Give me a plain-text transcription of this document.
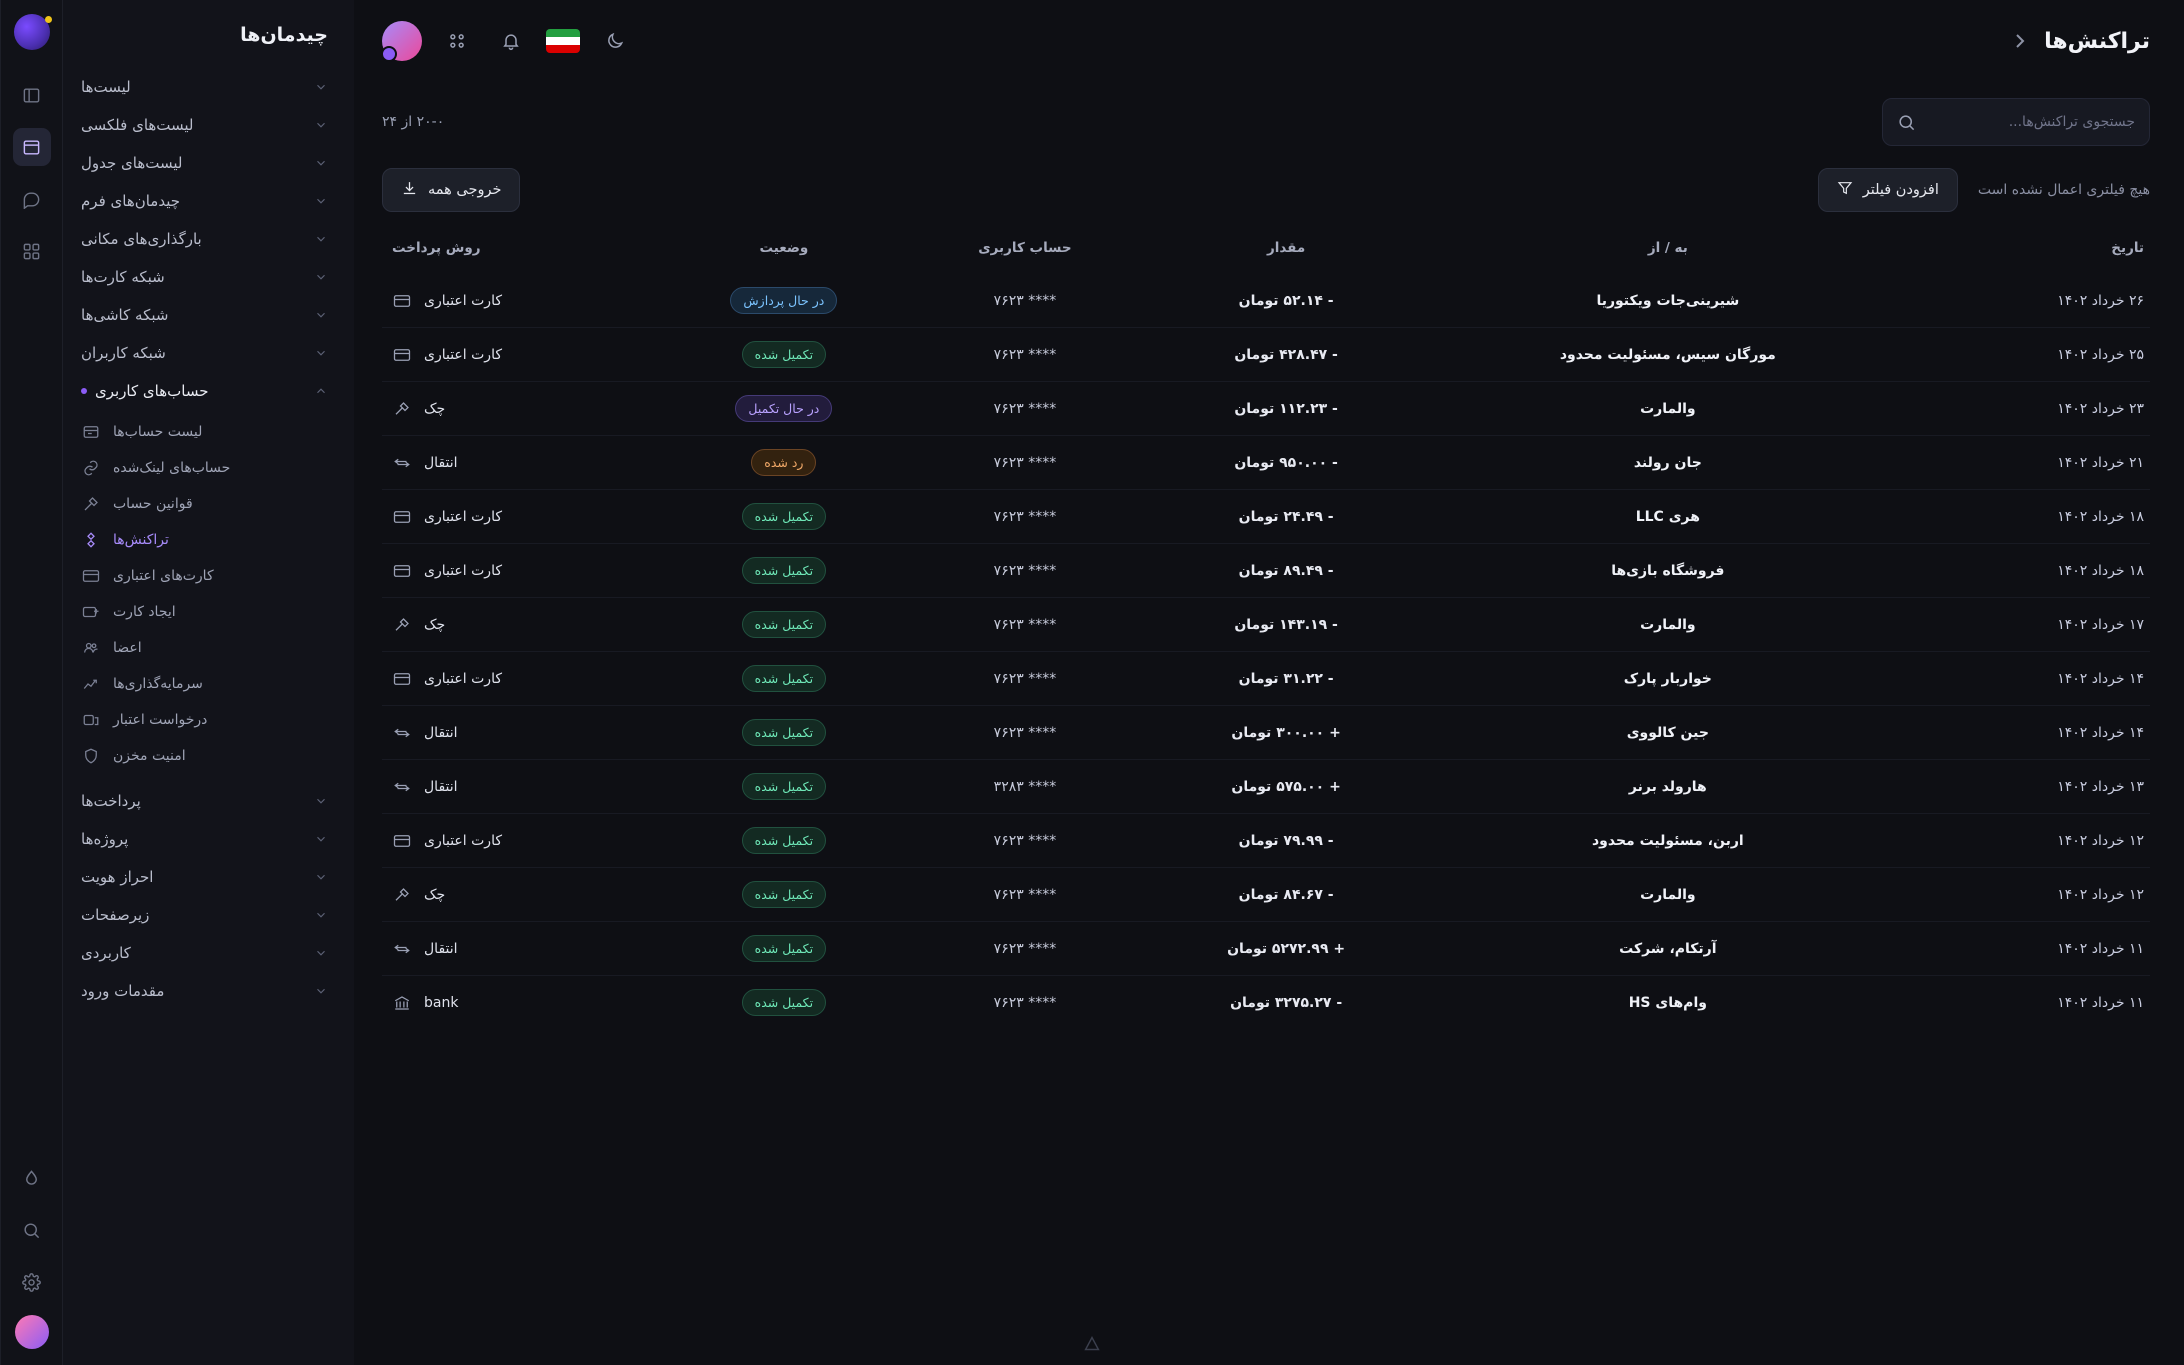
چیدمان‌ها
لیست‌ها
لیست‌های فلکسی
لیست‌های جدول
چیدمان‌های فرم
بارگذاری‌های مکانی
شبکه کارت‌ها
شبکه کاشی‌ها
شبکه کاربران
حساب‌های کاربری
لیست حساب‌ها
حساب‌های لینک‌شده
قوانین حساب
تراکنش‌ها
کارت‌های اعتباری
ایجاد کارت
اعضا
سرمایه‌گذاری‌ها
درخواست اعتبار
امنیت مخزن
پرداخت‌ها
پروژه‌ها
احراز هویت
زیرصفحات
کاربردی
مقدمات ورود
تراکنش‌ها
جستجوی تراکنش‌ها...
۲۰-۰ از ۲۴
افزودن فیلتر	هیچ فیلتری اعمال نشده است
خروجی همه
تاریخ	به / از	مقدار	حساب کاربری	وضعیت	روش پرداخت
۲۶ خرداد ۱۴۰۲	شیرینی‌جات ویکتوریا	- ۵۲.۱۴ تومان	**** ۷۶۲۳	در حال پردازش	کارت اعتباری

۲۵ خرداد ۱۴۰۲	مورگان سیس، مسئولیت محدود	- ۴۲۸.۴۷ تومان	**** ۷۶۲۳	تکمیل شده	کارت اعتباری

۲۳ خرداد ۱۴۰۲	والمارت	- ۱۱۲.۲۳ تومان	**** ۷۶۲۳	در حال تکمیل	چک

۲۱ خرداد ۱۴۰۲	جان رولند	- ۹۵۰.۰۰ تومان	**** ۷۶۲۳	رد شده	انتقال

۱۸ خرداد ۱۴۰۲	هری LLC	- ۲۴.۴۹ تومان	**** ۷۶۲۳	تکمیل شده	کارت اعتباری

۱۸ خرداد ۱۴۰۲	فروشگاه بازی‌ها	- ۸۹.۴۹ تومان	**** ۷۶۲۳	تکمیل شده	کارت اعتباری

۱۷ خرداد ۱۴۰۲	والمارت	- ۱۴۳.۱۹ تومان	**** ۷۶۲۳	تکمیل شده	چک

۱۴ خرداد ۱۴۰۲	خواربار پارک	- ۳۱.۲۲ تومان	**** ۷۶۲۳	تکمیل شده	کارت اعتباری

۱۴ خرداد ۱۴۰۲	جین کالووی	+ ۳۰۰.۰۰ تومان	**** ۷۶۲۳	تکمیل شده	انتقال

۱۳ خرداد ۱۴۰۲	هارولد برنر	+ ۵۷۵.۰۰ تومان	**** ۳۲۸۳	تکمیل شده	انتقال

۱۲ خرداد ۱۴۰۲	اربن، مسئولیت محدود	- ۷۹.۹۹ تومان	**** ۷۶۲۳	تکمیل شده	کارت اعتباری

۱۲ خرداد ۱۴۰۲	والمارت	- ۸۴.۶۷ تومان	**** ۷۶۲۳	تکمیل شده	چک

۱۱ خرداد ۱۴۰۲	آرتکام، شرکت	+ ۵۲۷۲.۹۹ تومان	**** ۷۶۲۳	تکمیل شده	انتقال

۱۱ خرداد ۱۴۰۲	وام‌های HS	- ۳۲۷۵.۲۷ تومان	**** ۷۶۲۳	تکمیل شده	bank
